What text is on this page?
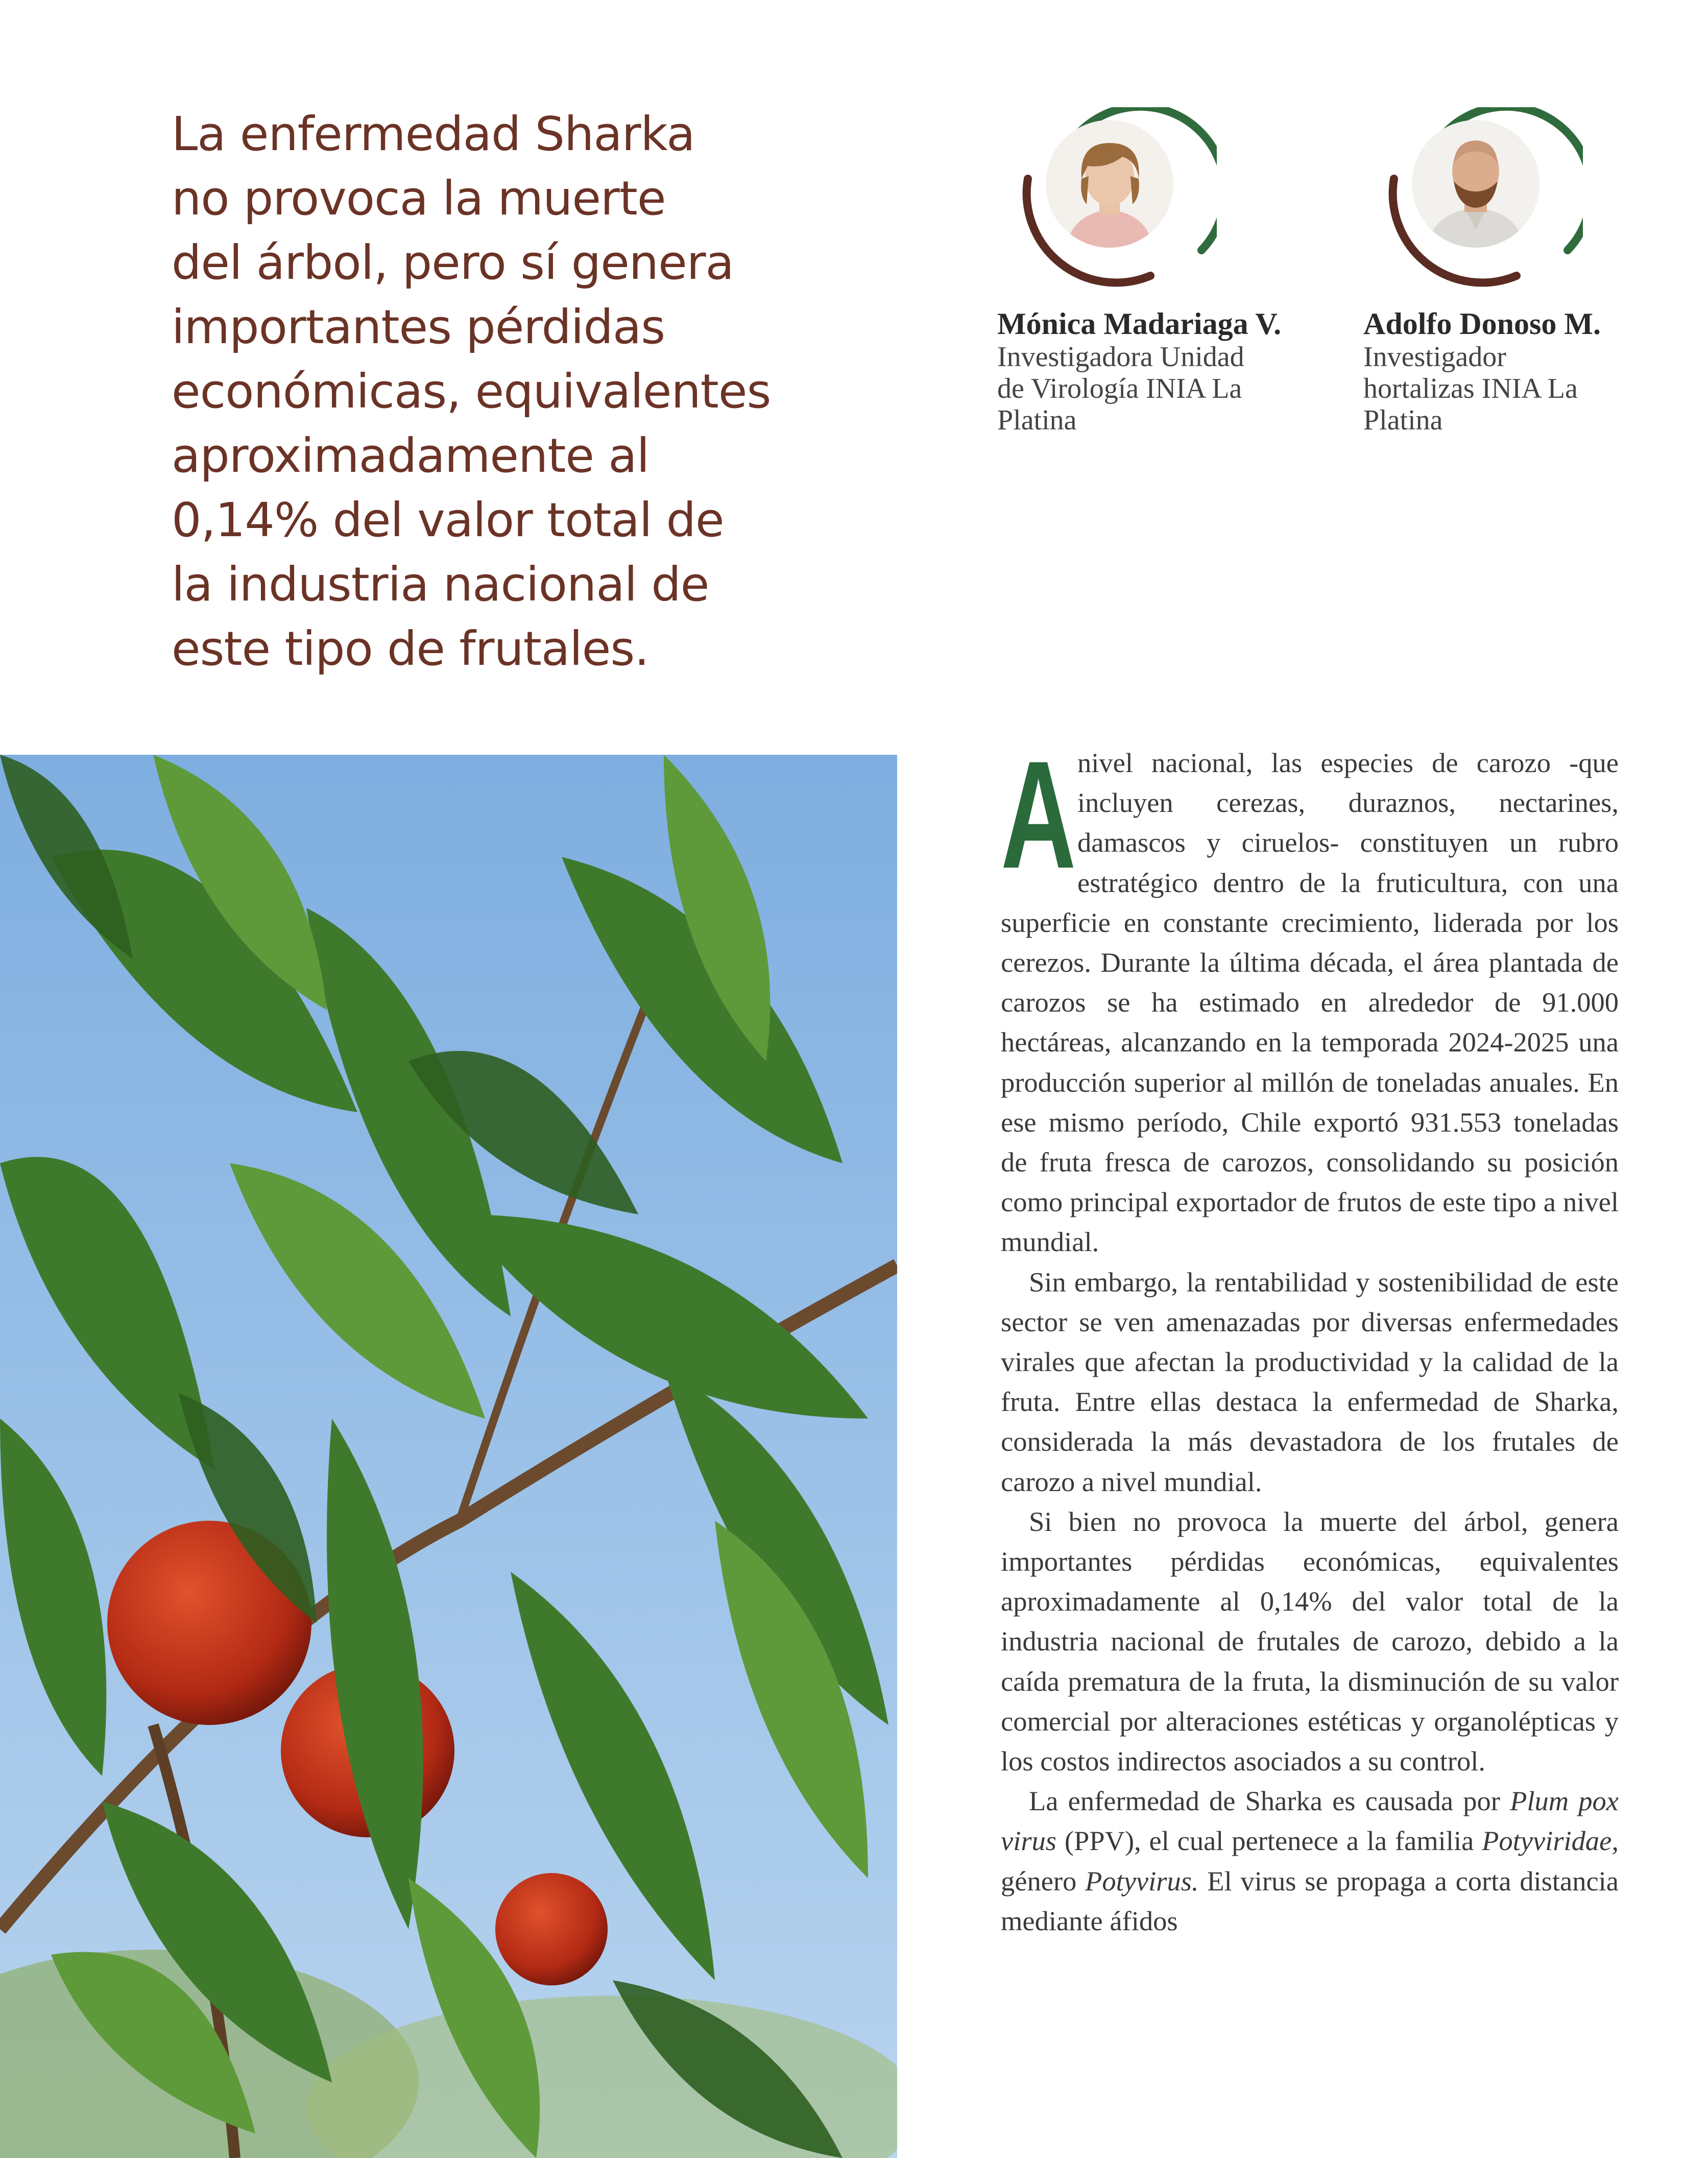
La enfermedad Sharka
no provoca la muerte
del árbol, pero sí genera
importantes pérdidas
económicas, equivalentes
aproximadamente al
0,14% del valor total de
la industria nacional de
este tipo de frutales.

Mónica Madariaga V.

Investigadora Unidad
de Virología INIA La
Platina

Adolfo Donoso M.

Investigador
hortalizas INIA La
Platina

A nivel nacional, las especies de carozo -que incluyen cerezas, duraznos, nectarines, damascos y ciruelos- constituyen un rubro estratégico dentro de la fruticultura, con una superficie en constante crecimiento, liderada por los cerezos. Durante la última década, el área plantada de carozos se ha estimado en alrededor de 91.000 hectáreas, alcanzando en la temporada 2024-2025 una producción superior al millón de toneladas anuales. En ese mismo período, Chile exportó 931.553 toneladas de fruta fresca de carozos, consolidando su posición como principal exportador de frutos de este tipo a nivel mundial.

Sin embargo, la rentabilidad y sostenibilidad de este sector se ven amenazadas por diversas enfermedades virales que afectan la productividad y la calidad de la fruta. Entre ellas destaca la enfermedad de Sharka, considerada la más devastadora de los frutales de carozo a nivel mundial.

Si bien no provoca la muerte del árbol, genera importantes pérdidas económicas, equivalentes aproximadamente al 0,14% del valor total de la industria nacional de frutales de carozo, debido a la caída prematura de la fruta, la disminución de su valor comercial por alteraciones estéticas y organolépticas y los costos indirectos asociados a su control.

La enfermedad de Sharka es causada por Plum pox virus (PPV), el cual pertenece a la familia Potyviridae, género Potyvirus. El virus se propaga a corta distancia mediante áfidos
